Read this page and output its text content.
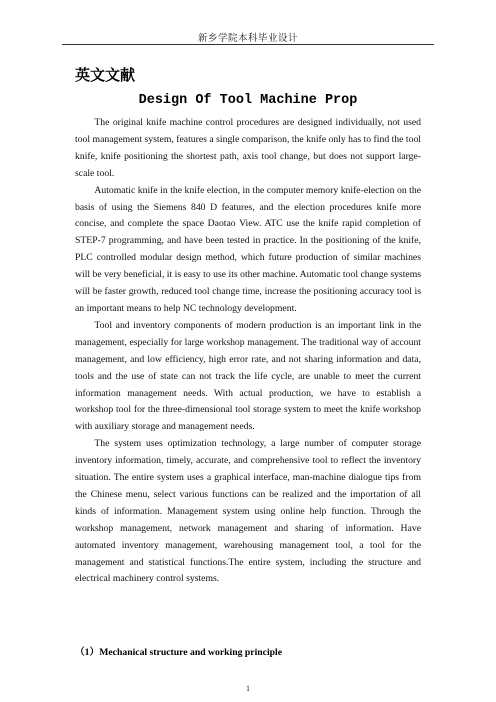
新乡学院本科毕业设计
英文文献
Design Of Tool Machine Prop

The original knife machine control procedures are designed individually, not used tool management system, features a single comparison, the knife only has to find the tool knife, knife positioning the shortest path, axis tool change, but does not support large-scale tool.

Automatic knife in the knife election, in the computer memory knife-election on the basis of using the Siemens 840 D features, and the election procedures knife more concise, and complete the space Daotao View. ATC use the knife rapid completion of STEP-7 programming, and have been tested in practice. In the positioning of the knife, PLC controlled modular design method, which future production of similar machines will be very beneficial, it is easy to use its other machine. Automatic tool change systems will be faster growth, reduced tool change time, increase the positioning accuracy tool is an important means to help NC technology development.

Tool and inventory components of modern production is an important link in the management, especially for large workshop management. The traditional way of account management, and low efficiency, high error rate, and not sharing information and data, tools and the use of state can not track the life cycle, are unable to meet the current information management needs. With actual production, we have to establish a workshop tool for the three-dimensional tool storage system to meet the knife workshop with auxiliary storage and management needs.

The system uses optimization technology, a large number of computer storage inventory information, timely, accurate, and comprehensive tool to reflect the inventory situation. The entire system uses a graphical interface, man-machine dialogue tips from the Chinese menu, select various functions can be realized and the importation of all kinds of information. Management system using online help function. Through the workshop management, network management and sharing of information. Have automated inventory management, warehousing management tool, a tool for the management and statistical functions.The entire system, including the structure and electrical machinery control systems.

（1）Mechanical structure and working principle
1
